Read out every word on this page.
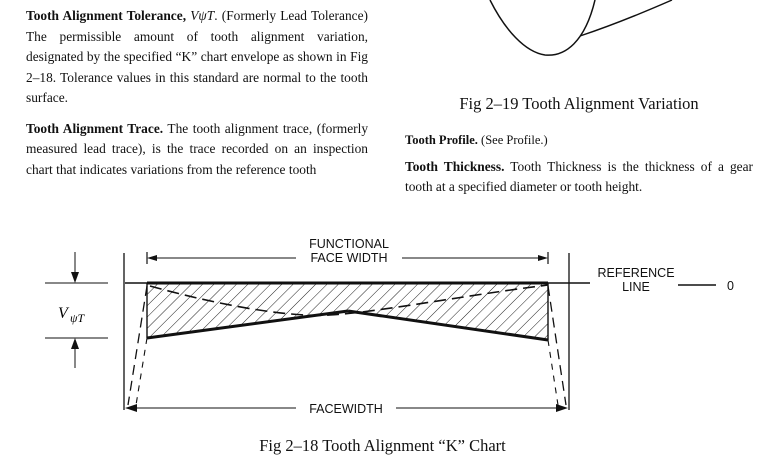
Tooth Alignment Tolerance, VψT. (Formerly Lead Tolerance) The permissible amount of tooth alignment variation, designated by the specified “K” chart envelope as shown in Fig 2–18. Tolerance values in this standard are normal to the tooth surface.

Tooth Alignment Trace. The tooth alignment trace, (formerly measured lead trace), is the trace recorded on an inspection chart that indicates variations from the reference tooth

Fig 2–19 Tooth Alignment Variation

Tooth Profile. (See Profile.)

Tooth Thickness. Tooth Thickness is the thickness of a gear tooth at a specified diameter or tooth height.

FUNCTIONAL
FACE WIDTH
REFERENCE
LINE	0
FACEWIDTH
V ψT
Fig 2–18 Tooth Alignment “K” Chart
